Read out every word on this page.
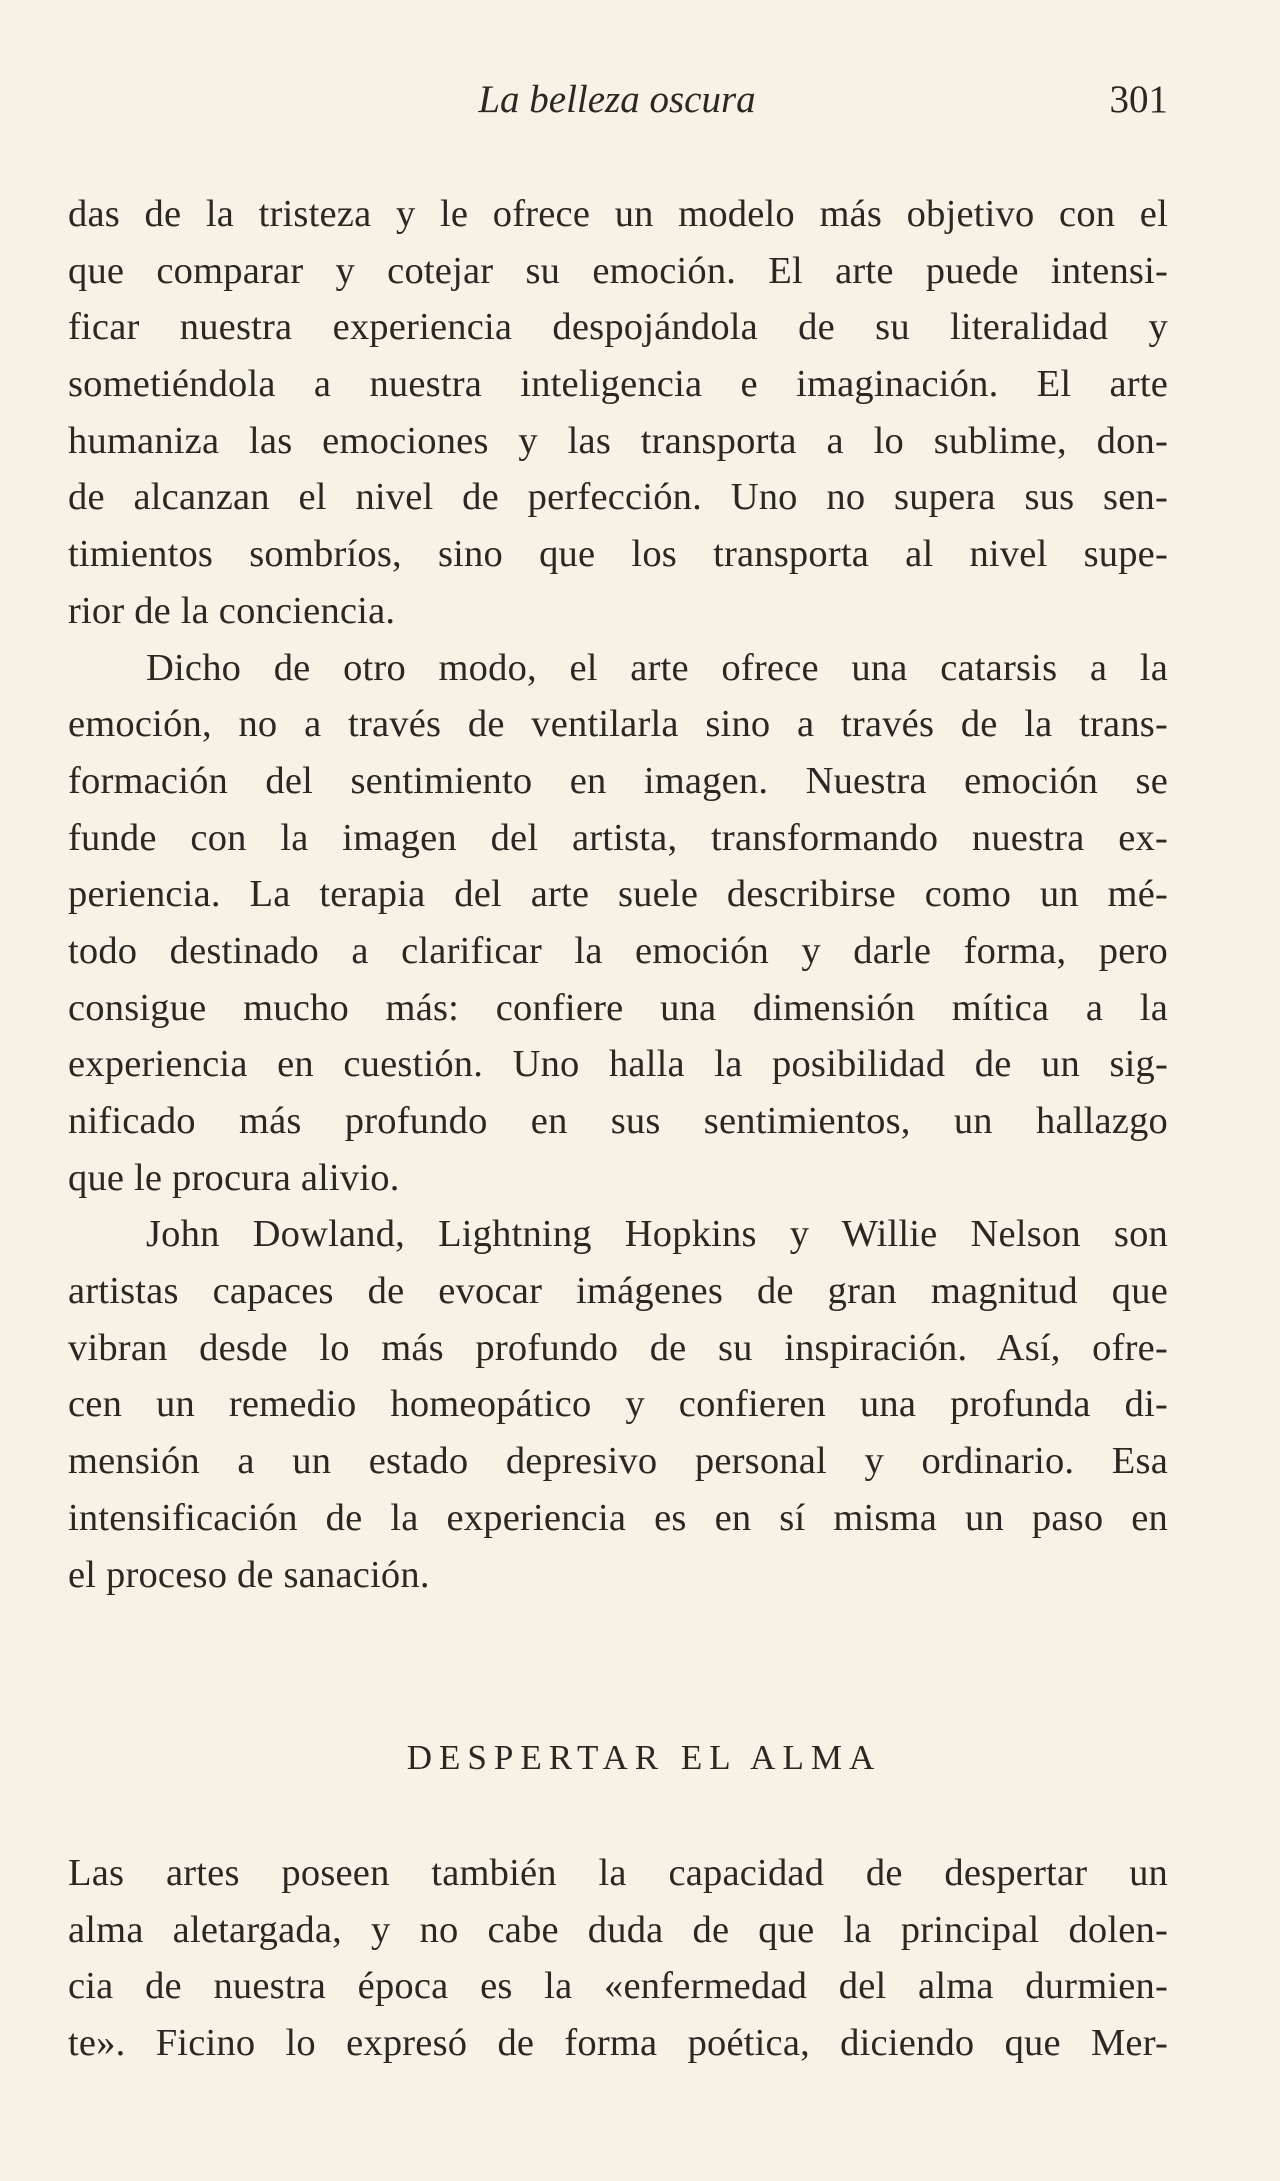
La belleza oscura	301
das de la tristeza y le ofrece un modelo más objetivo con el
que comparar y cotejar su emoción. El arte puede intensi-
ficar nuestra experiencia despojándola de su literalidad y
sometiéndola a nuestra inteligencia e imaginación. El arte
humaniza las emociones y las transporta a lo sublime, don-
de alcanzan el nivel de perfección. Uno no supera sus sen-
timientos sombríos, sino que los transporta al nivel supe-
rior de la conciencia.
Dicho de otro modo, el arte ofrece una catarsis a la
emoción, no a través de ventilarla sino a través de la trans-
formación del sentimiento en imagen. Nuestra emoción se
funde con la imagen del artista, transformando nuestra ex-
periencia. La terapia del arte suele describirse como un mé-
todo destinado a clarificar la emoción y darle forma, pero
consigue mucho más: confiere una dimensión mítica a la
experiencia en cuestión. Uno halla la posibilidad de un sig-
nificado más profundo en sus sentimientos, un hallazgo
que le procura alivio.
John Dowland, Lightning Hopkins y Willie Nelson son
artistas capaces de evocar imágenes de gran magnitud que
vibran desde lo más profundo de su inspiración. Así, ofre-
cen un remedio homeopático y confieren una profunda di-
mensión a un estado depresivo personal y ordinario. Esa
intensificación de la experiencia es en sí misma un paso en
el proceso de sanación.
DESPERTAR EL ALMA
Las artes poseen también la capacidad de despertar un
alma aletargada, y no cabe duda de que la principal dolen-
cia de nuestra época es la «enfermedad del alma durmien-
te». Ficino lo expresó de forma poética, diciendo que Mer-
